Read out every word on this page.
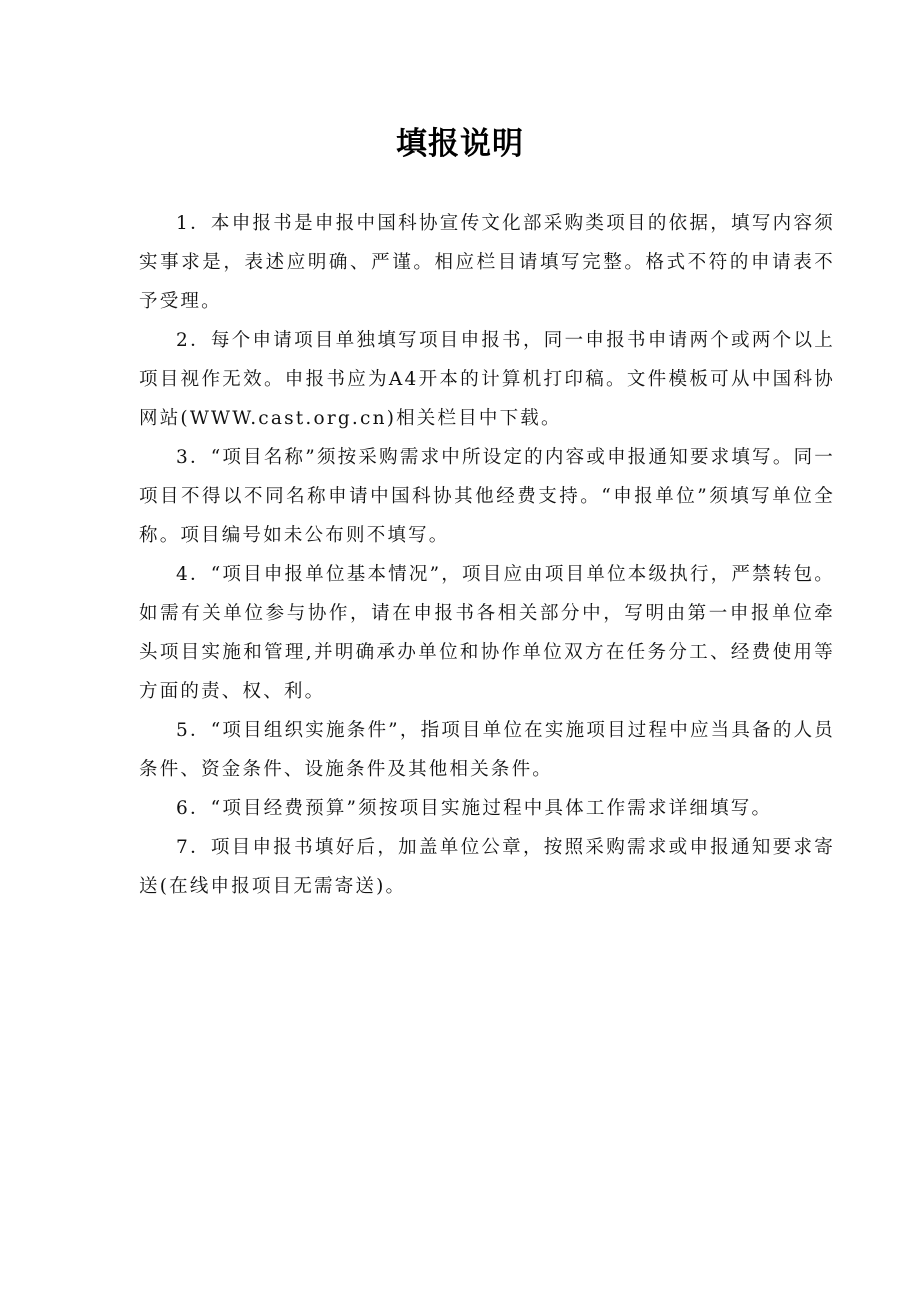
填报说明

1．本申报书是申报中国科协宣传文化部采购类项目的依据，填写内容须实事求是，表述应明确、严谨。相应栏目请填写完整。格式不符的申请表不予受理。

2．每个申请项目单独填写项目申报书，同一申报书申请两个或两个以上项目视作无效。申报书应为A4开本的计算机打印稿。文件模板可从中国科协网站(WWW.cast.org.cn)相关栏目中下载。

3．“项目名称”须按采购需求中所设定的内容或申报通知要求填写。同一项目不得以不同名称申请中国科协其他经费支持。“申报单位”须填写单位全称。项目编号如未公布则不填写。

4．“项目申报单位基本情况”，项目应由项目单位本级执行，严禁转包。如需有关单位参与协作，请在申报书各相关部分中，写明由第一申报单位牵头项目实施和管理,并明确承办单位和协作单位双方在任务分工、经费使用等方面的责、权、利。

5．“项目组织实施条件”，指项目单位在实施项目过程中应当具备的人员条件、资金条件、设施条件及其他相关条件。

6．“项目经费预算”须按项目实施过程中具体工作需求详细填写。

7．项目申报书填好后，加盖单位公章，按照采购需求或申报通知要求寄送(在线申报项目无需寄送)。
